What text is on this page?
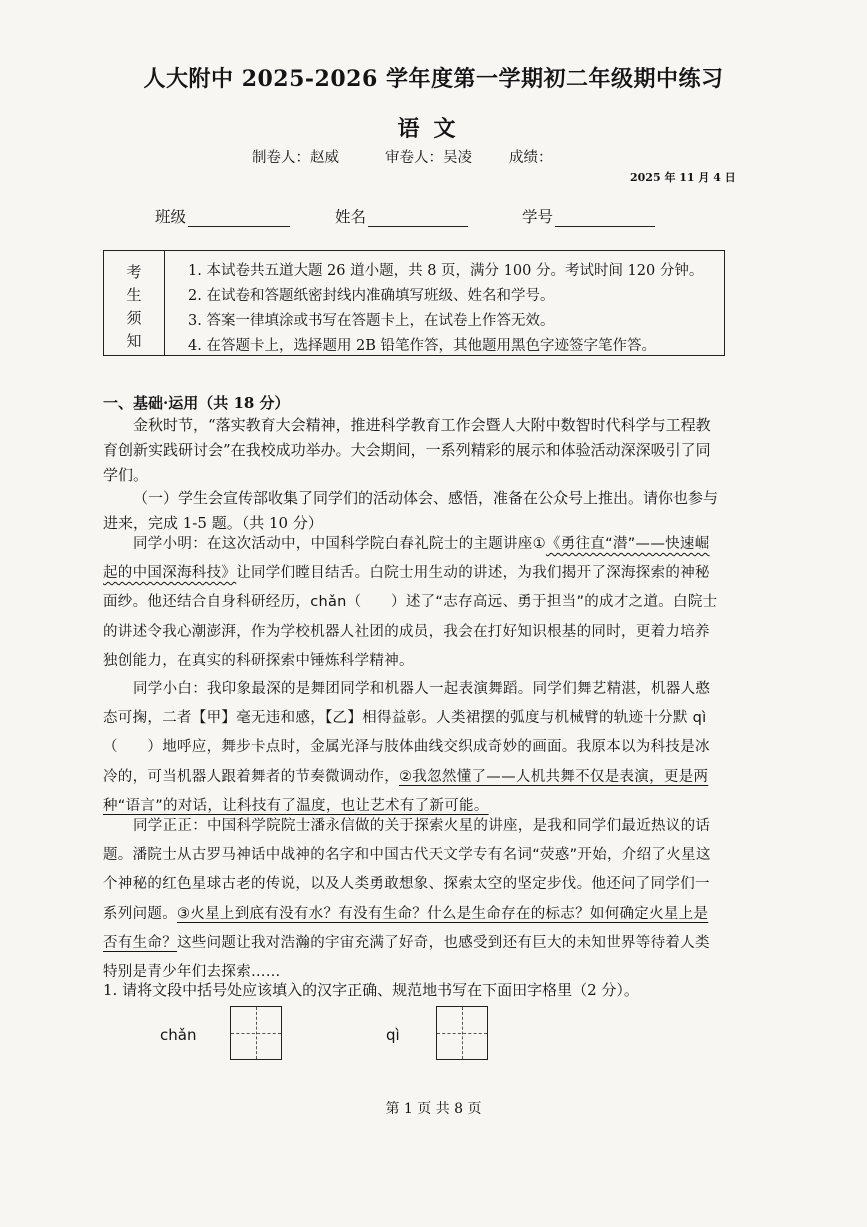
人大附中 2025-2026 学年度第一学期初二年级期中练习
语文
制卷人：赵威	审卷人：吴凌	成绩：
2025 年 11 月 4 日
班级	姓名	学号
考
生
须
知
1. 本试卷共五道大题 26 道小题，共 8 页，满分 100 分。考试时间 120 分钟。
2. 在试卷和答题纸密封线内准确填写班级、姓名和学号。
3. 答案一律填涂或书写在答题卡上，在试卷上作答无效。
4. 在答题卡上，选择题用 2B 铅笔作答，其他题用黑色字迹签字笔作答。
一、基础·运用（共 18 分）
金秋时节，“落实教育大会精神，推进科学教育工作会暨人大附中数智时代科学与工程教育创新实践研讨会”在我校成功举办。大会期间，一系列精彩的展示和体验活动深深吸引了同学们。
（一）学生会宣传部收集了同学们的活动体会、感悟，准备在公众号上推出。请你也参与进来，完成 1-5 题。（共 10 分）
同学小明：在这次活动中，中国科学院白春礼院士的主题讲座①《勇往直“潜”——快速崛起的中国深海科技》让同学们瞠目结舌。白院士用生动的讲述，为我们揭开了深海探索的神秘面纱。他还结合自身科研经历，chǎn（　　）述了“志存高远、勇于担当”的成才之道。白院士的讲述令我心潮澎湃，作为学校机器人社团的成员，我会在打好知识根基的同时，更着力培养独创能力，在真实的科研探索中锤炼科学精神。
同学小白：我印象最深的是舞团同学和机器人一起表演舞蹈。同学们舞艺精湛，机器人憨态可掬，二者【甲】毫无违和感，【乙】相得益彰。人类裙摆的弧度与机械臂的轨迹十分默 qì（　　）地呼应，舞步卡点时，金属光泽与肢体曲线交织成奇妙的画面。我原本以为科技是冰冷的，可当机器人跟着舞者的节奏微调动作，②我忽然懂了——人机共舞不仅是表演，更是两种“语言”的对话，让科技有了温度，也让艺术有了新可能。
同学正正：中国科学院院士潘永信做的关于探索火星的讲座，是我和同学们最近热议的话题。潘院士从古罗马神话中战神的名字和中国古代天文学专有名词“荧惑”开始，介绍了火星这个神秘的红色星球古老的传说，以及人类勇敢想象、探索太空的坚定步伐。他还问了同学们一系列问题。③火星上到底有没有水？有没有生命？什么是生命存在的标志？如何确定火星上是否有生命？这些问题让我对浩瀚的宇宙充满了好奇，也感受到还有巨大的未知世界等待着人类特别是青少年们去探索……
1. 请将文段中括号处应该填入的汉字正确、规范地书写在下面田字格里（2 分）。
chǎn	qì
第 1 页 共 8 页
